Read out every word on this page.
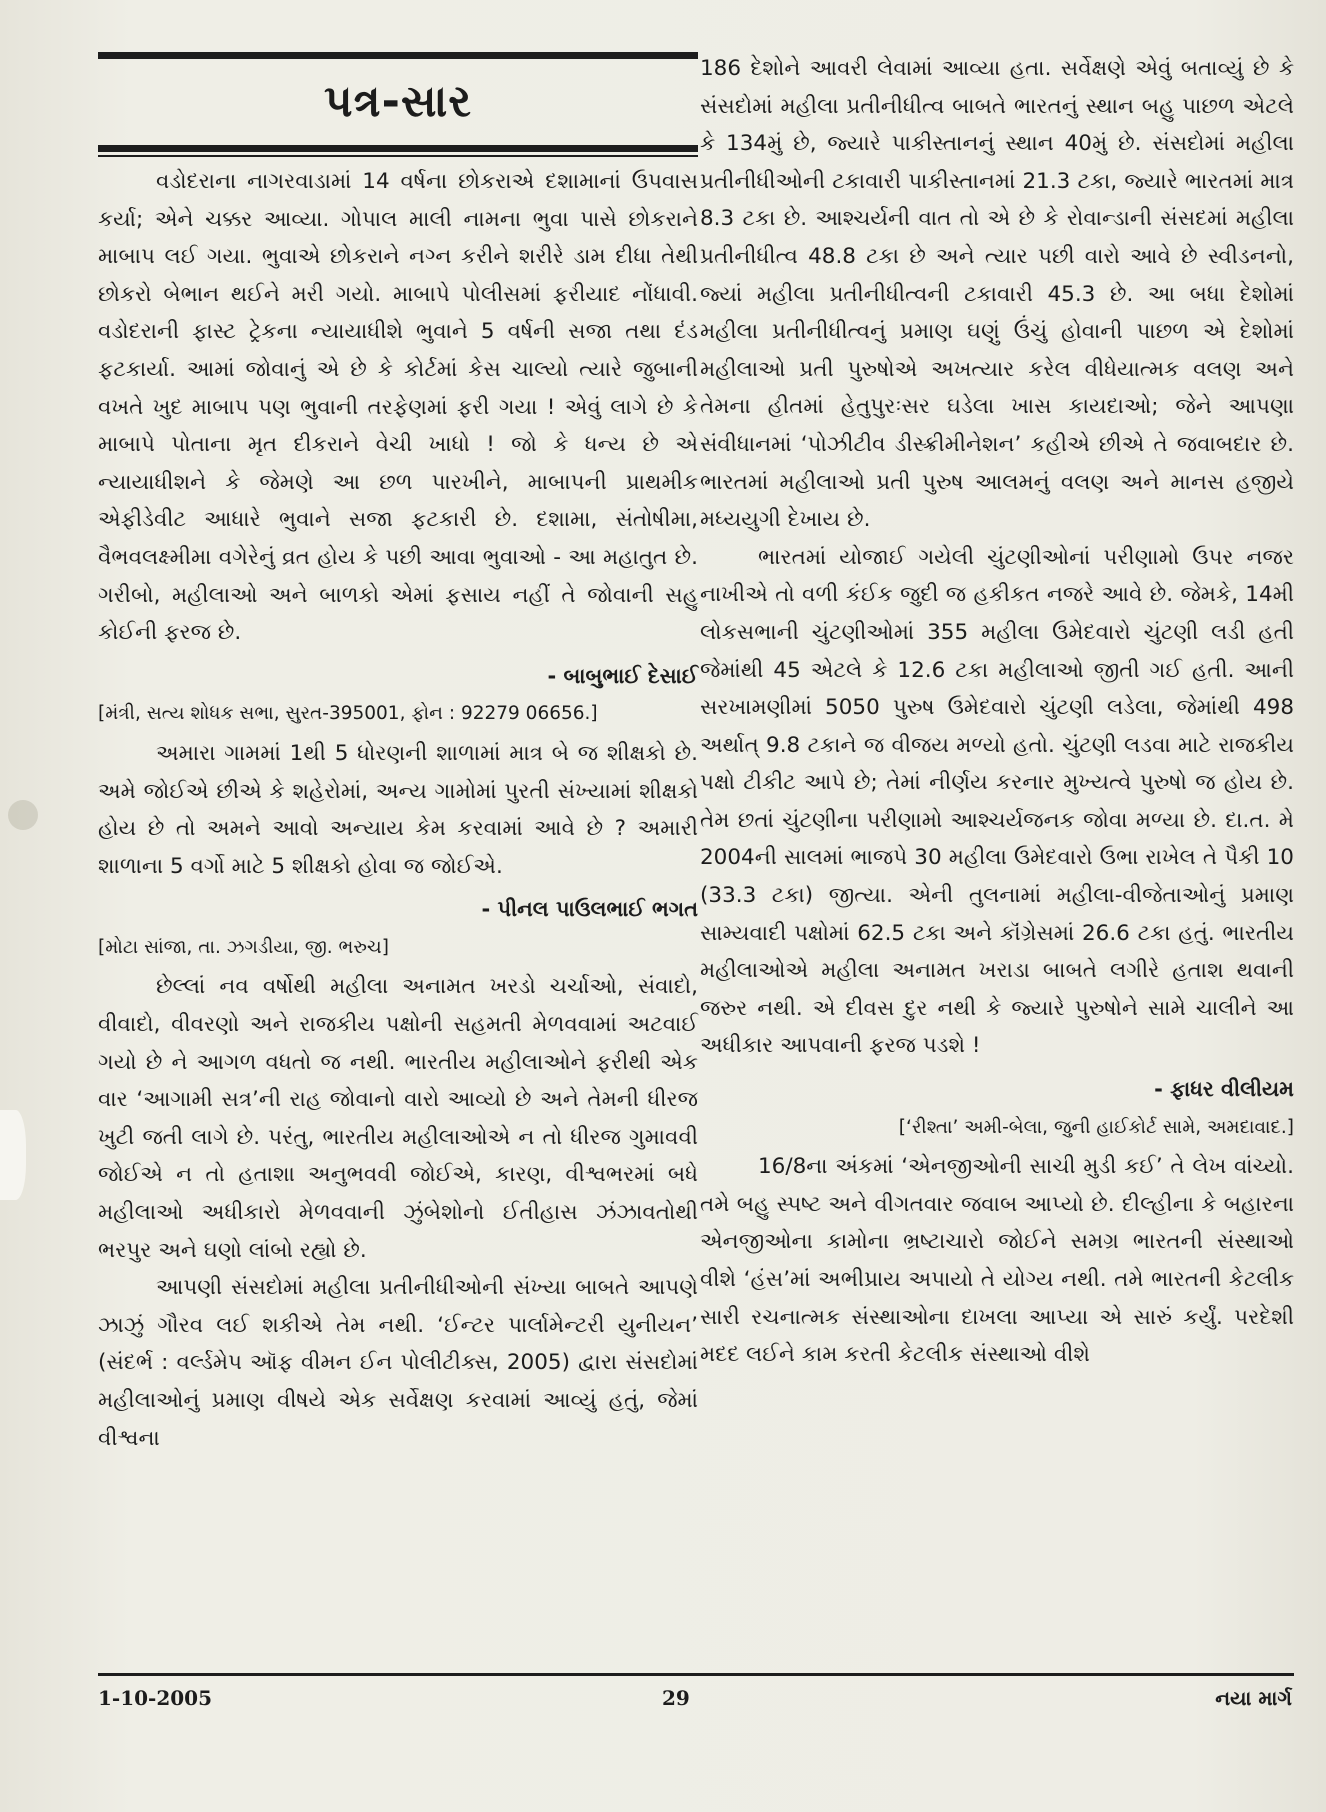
પત્ર-સાર

વડોદરાના નાગરવાડામાં 14 વર્ષના છોકરાએ દશામાનાં ઉપવાસ કર્યા; એને ચક્કર આવ્યા. ગોપાલ માલી નામના ભુવા પાસે છોકરાને માબાપ લઈ ગયા. ભુવાએ છોકરાને નગ્ન કરીને શરીરે ડામ દીધા તેથી છોકરો બેભાન થઈને મરી ગયો. માબાપે પોલીસમાં ફરીયાદ નોંધાવી. વડોદરાની ફાસ્ટ ટ્રેકના ન્યાયાધીશે ભુવાને 5 વર્ષની સજા તથા દંડ ફટકાર્યા. આમાં જોવાનું એ છે કે કોર્ટમાં કેસ ચાલ્યો ત્યારે જુબાની વખતે ખુદ માબાપ પણ ભુવાની તરફેણમાં ફરી ગયા ! એવું લાગે છે કે માબાપે પોતાના મૃત દીકરાને વેચી ખાધો ! જો કે ધન્ય છે એ ન્યાયાધીશને કે જેમણે આ છળ પારખીને, માબાપની પ્રાથમીક એફીડેવીટ આધારે ભુવાને સજા ફટકારી છે. દશામા, સંતોષીમા, વૈભવલક્ષ્મીમા વગેરેનું વ્રત હોય કે પછી આવા ભુવાઓ - આ મહાતુત છે. ગરીબો, મહીલાઓ અને બાળકો એમાં ફસાય નહીં તે જોવાની સહુ કોઈની ફરજ છે.

- બાબુભાઈ દેસાઈ

[મંત્રી, સત્ય શોધક સભા, સુરત-395001, ફોન : 92279 06656.]

અમારા ગામમાં 1થી 5 ધોરણની શાળામાં માત્ર બે જ શીક્ષકો છે. અમે જોઈએ છીએ કે શહેરોમાં, અન્ય ગામોમાં પુરતી સંખ્યામાં શીક્ષકો હોય છે તો અમને આવો અન્યાય કેમ કરવામાં આવે છે ? અમારી શાળાના 5 વર્ગો માટે 5 શીક્ષકો હોવા જ જોઈએ.

- પીનલ પાઉલભાઈ ભગત

[મોટા સાંજા, તા. ઝગડીયા, જી. ભરુચ]

છેલ્લાં નવ વર્ષોથી મહીલા અનામત ખરડો ચર્ચાઓ, સંવાદો, વીવાદો, વીવરણો અને રાજકીય પક્ષોની સહમતી મેળવવામાં અટવાઈ ગયો છે ને આગળ વધતો જ નથી. ભારતીય મહીલાઓને ફરીથી એક વાર ‘આગામી સત્ર’ની રાહ જોવાનો વારો આવ્યો છે અને તેમની ધીરજ ખુટી જતી લાગે છે. પરંતુ, ભારતીય મહીલાઓએ ન તો ધીરજ ગુમાવવી જોઈએ ન તો હતાશા અનુભવવી જોઈએ, કારણ, વીશ્વભરમાં બધે મહીલાઓ અધીકારો મેળવવાની ઝુંબેશોનો ઈતીહાસ ઝંઝાવતોથી ભરપુર અને ઘણો લાંબો રહ્યો છે.

આપણી સંસદોમાં મહીલા પ્રતીનીધીઓની સંખ્યા બાબતે આપણે ઝાઝું ગૌરવ લઈ શકીએ તેમ નથી. ‘ઈન્ટર પાર્લામેન્ટરી યુનીયન’ (સંદર્ભ : વર્લ્ડમેપ ઑફ વીમન ઈન પોલીટીક્સ, 2005) દ્વારા સંસદોમાં મહીલાઓનું પ્રમાણ વીષયે એક સર્વેક્ષણ કરવામાં આવ્યું હતું, જેમાં વીશ્વના

186 દેશોને આવરી લેવામાં આવ્યા હતા. સર્વેક્ષણે એવું બતાવ્યું છે કે સંસદોમાં મહીલા પ્રતીનીધીત્વ બાબતે ભારતનું સ્થાન બહુ પાછળ એટલે કે 134મું છે, જ્યારે પાકીસ્તાનનું સ્થાન 40મું છે. સંસદોમાં મહીલા પ્રતીનીધીઓની ટકાવારી પાકીસ્તાનમાં 21.3 ટકા, જ્યારે ભારતમાં માત્ર 8.3 ટકા છે. આશ્ચર્યની વાત તો એ છે કે રોવાન્ડાની સંસદમાં મહીલા પ્રતીનીધીત્વ 48.8 ટકા છે અને ત્યાર પછી વારો આવે છે સ્વીડનનો, જ્યાં મહીલા પ્રતીનીધીત્વની ટકાવારી 45.3 છે. આ બધા દેશોમાં મહીલા પ્રતીનીધીત્વનું પ્રમાણ ઘણું ઉંચું હોવાની પાછળ એ દેશોમાં મહીલાઓ પ્રતી પુરુષોએ અખત્યાર કરેલ વીધેયાત્મક વલણ અને તેમના હીતમાં હેતુપુરઃસર ઘડેલા ખાસ કાયદાઓ; જેને આપણા સંવીધાનમાં ‘પોઝીટીવ ડીસ્ક્રીમીનેશન’ કહીએ છીએ તે જવાબદાર છે. ભારતમાં મહીલાઓ પ્રતી પુરુષ આલમનું વલણ અને માનસ હજીયે મધ્યયુગી દેખાય છે.

ભારતમાં યોજાઈ ગયેલી ચુંટણીઓનાં પરીણામો ઉપર નજર નાખીએ તો વળી કંઈક જુદી જ હકીકત નજરે આવે છે. જેમકે, 14મી લોકસભાની ચુંટણીઓમાં 355 મહીલા ઉમેદવારો ચુંટણી લડી હતી જેમાંથી 45 એટલે કે 12.6 ટકા મહીલાઓ જીતી ગઈ હતી. આની સરખામણીમાં 5050 પુરુષ ઉમેદવારો ચુંટણી લડેલા, જેમાંથી 498 અર્થાત્ 9.8 ટકાને જ વીજય મળ્યો હતો. ચુંટણી લડવા માટે રાજકીય પક્ષો ટીકીટ આપે છે; તેમાં નીર્ણય કરનાર મુખ્યત્વે પુરુષો જ હોય છે. તેમ છતાં ચુંટણીના પરીણામો આશ્ચર્યજનક જોવા મળ્યા છે. દા.ત. મે 2004ની સાલમાં ભાજપે 30 મહીલા ઉમેદવારો ઉભા રાખેલ તે પૈકી 10 (33.3 ટકા) જીત્યા. એની તુલનામાં મહીલા-વીજેતાઓનું પ્રમાણ સામ્યવાદી પક્ષોમાં 62.5 ટકા અને કૉંગ્રેસમાં 26.6 ટકા હતું. ભારતીય મહીલાઓએ મહીલા અનામત ખરાડા બાબતે લગીરે હતાશ થવાની જરુર નથી. એ દીવસ દુર નથી કે જ્યારે પુરુષોને સામે ચાલીને આ અધીકાર આપવાની ફરજ પડશે !

- ફાધર વીલીયમ

[‘રીશ્તા’ અમી-બેલા, જુની હાઈકોર્ટ સામે, અમદાવાદ.]

16/8ના અંકમાં ‘એનજીઓની સાચી મુડી કઈ’ તે લેખ વાંચ્યો. તમે બહુ સ્પષ્ટ અને વીગતવાર જવાબ આપ્યો છે. દીલ્હીના કે બહારના એનજીઓના કામોના ભ્રષ્ટાચારો જોઈને સમગ્ર ભારતની સંસ્થાઓ વીશે ‘હંસ’માં અભીપ્રાય અપાયો તે યોગ્ય નથી. તમે ભારતની કેટલીક સારી રચનાત્મક સંસ્થાઓના દાખલા આપ્યા એ સારું કર્યું. પરદેશી મદદ લઈને કામ કરતી કેટલીક સંસ્થાઓ વીશે

1-10-2005	29	નયા માર્ગ
